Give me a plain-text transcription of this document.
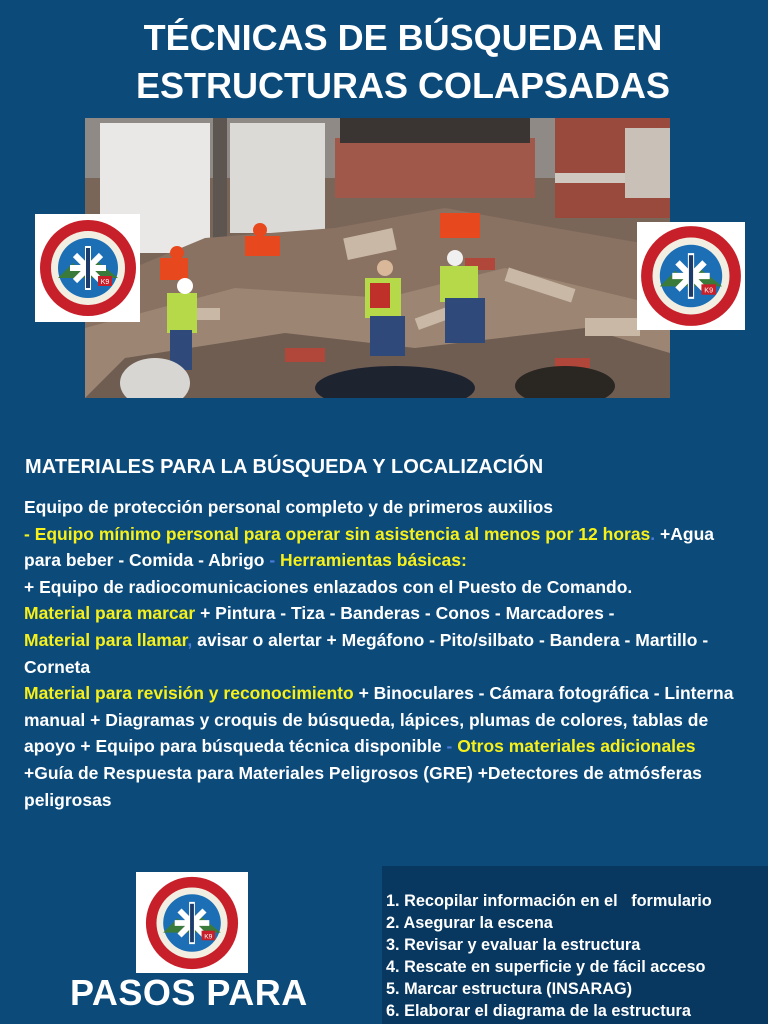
TÉCNICAS DE BÚSQUEDA EN
ESTRUCTURAS COLAPSADAS
K9
K9
MATERIALES PARA LA BÚSQUEDA Y LOCALIZACIÓN
Equipo de protección personal completo y de primeros auxilios
- Equipo mínimo personal para operar sin asistencia al menos por 12 horas. +Agua para beber - Comida - Abrigo - Herramientas básicas:
+ Equipo de radiocomunicaciones enlazados con el Puesto de Comando.
Material para marcar + Pintura - Tiza - Banderas - Conos - Marcadores -
Material para llamar, avisar o alertar + Megáfono - Pito/silbato - Bandera - Martillo - Corneta
Material para revisión y reconocimiento + Binoculares - Cámara fotográfica - Linterna manual + Diagramas y croquis de búsqueda, lápices, plumas de colores, tablas de apoyo + Equipo para búsqueda técnica disponible - Otros materiales adicionales +Guía de Respuesta para Materiales Peligrosos (GRE) +Detectores de atmósferas peligrosas
K9
PASOS PARA
1. Recopilar información en el   formulario
2. Asegurar la escena
3. Revisar y evaluar la estructura
4. Rescate en superficie y de fácil acceso
5. Marcar estructura (INSARAG)
6. Elaborar el diagrama de la estructura
